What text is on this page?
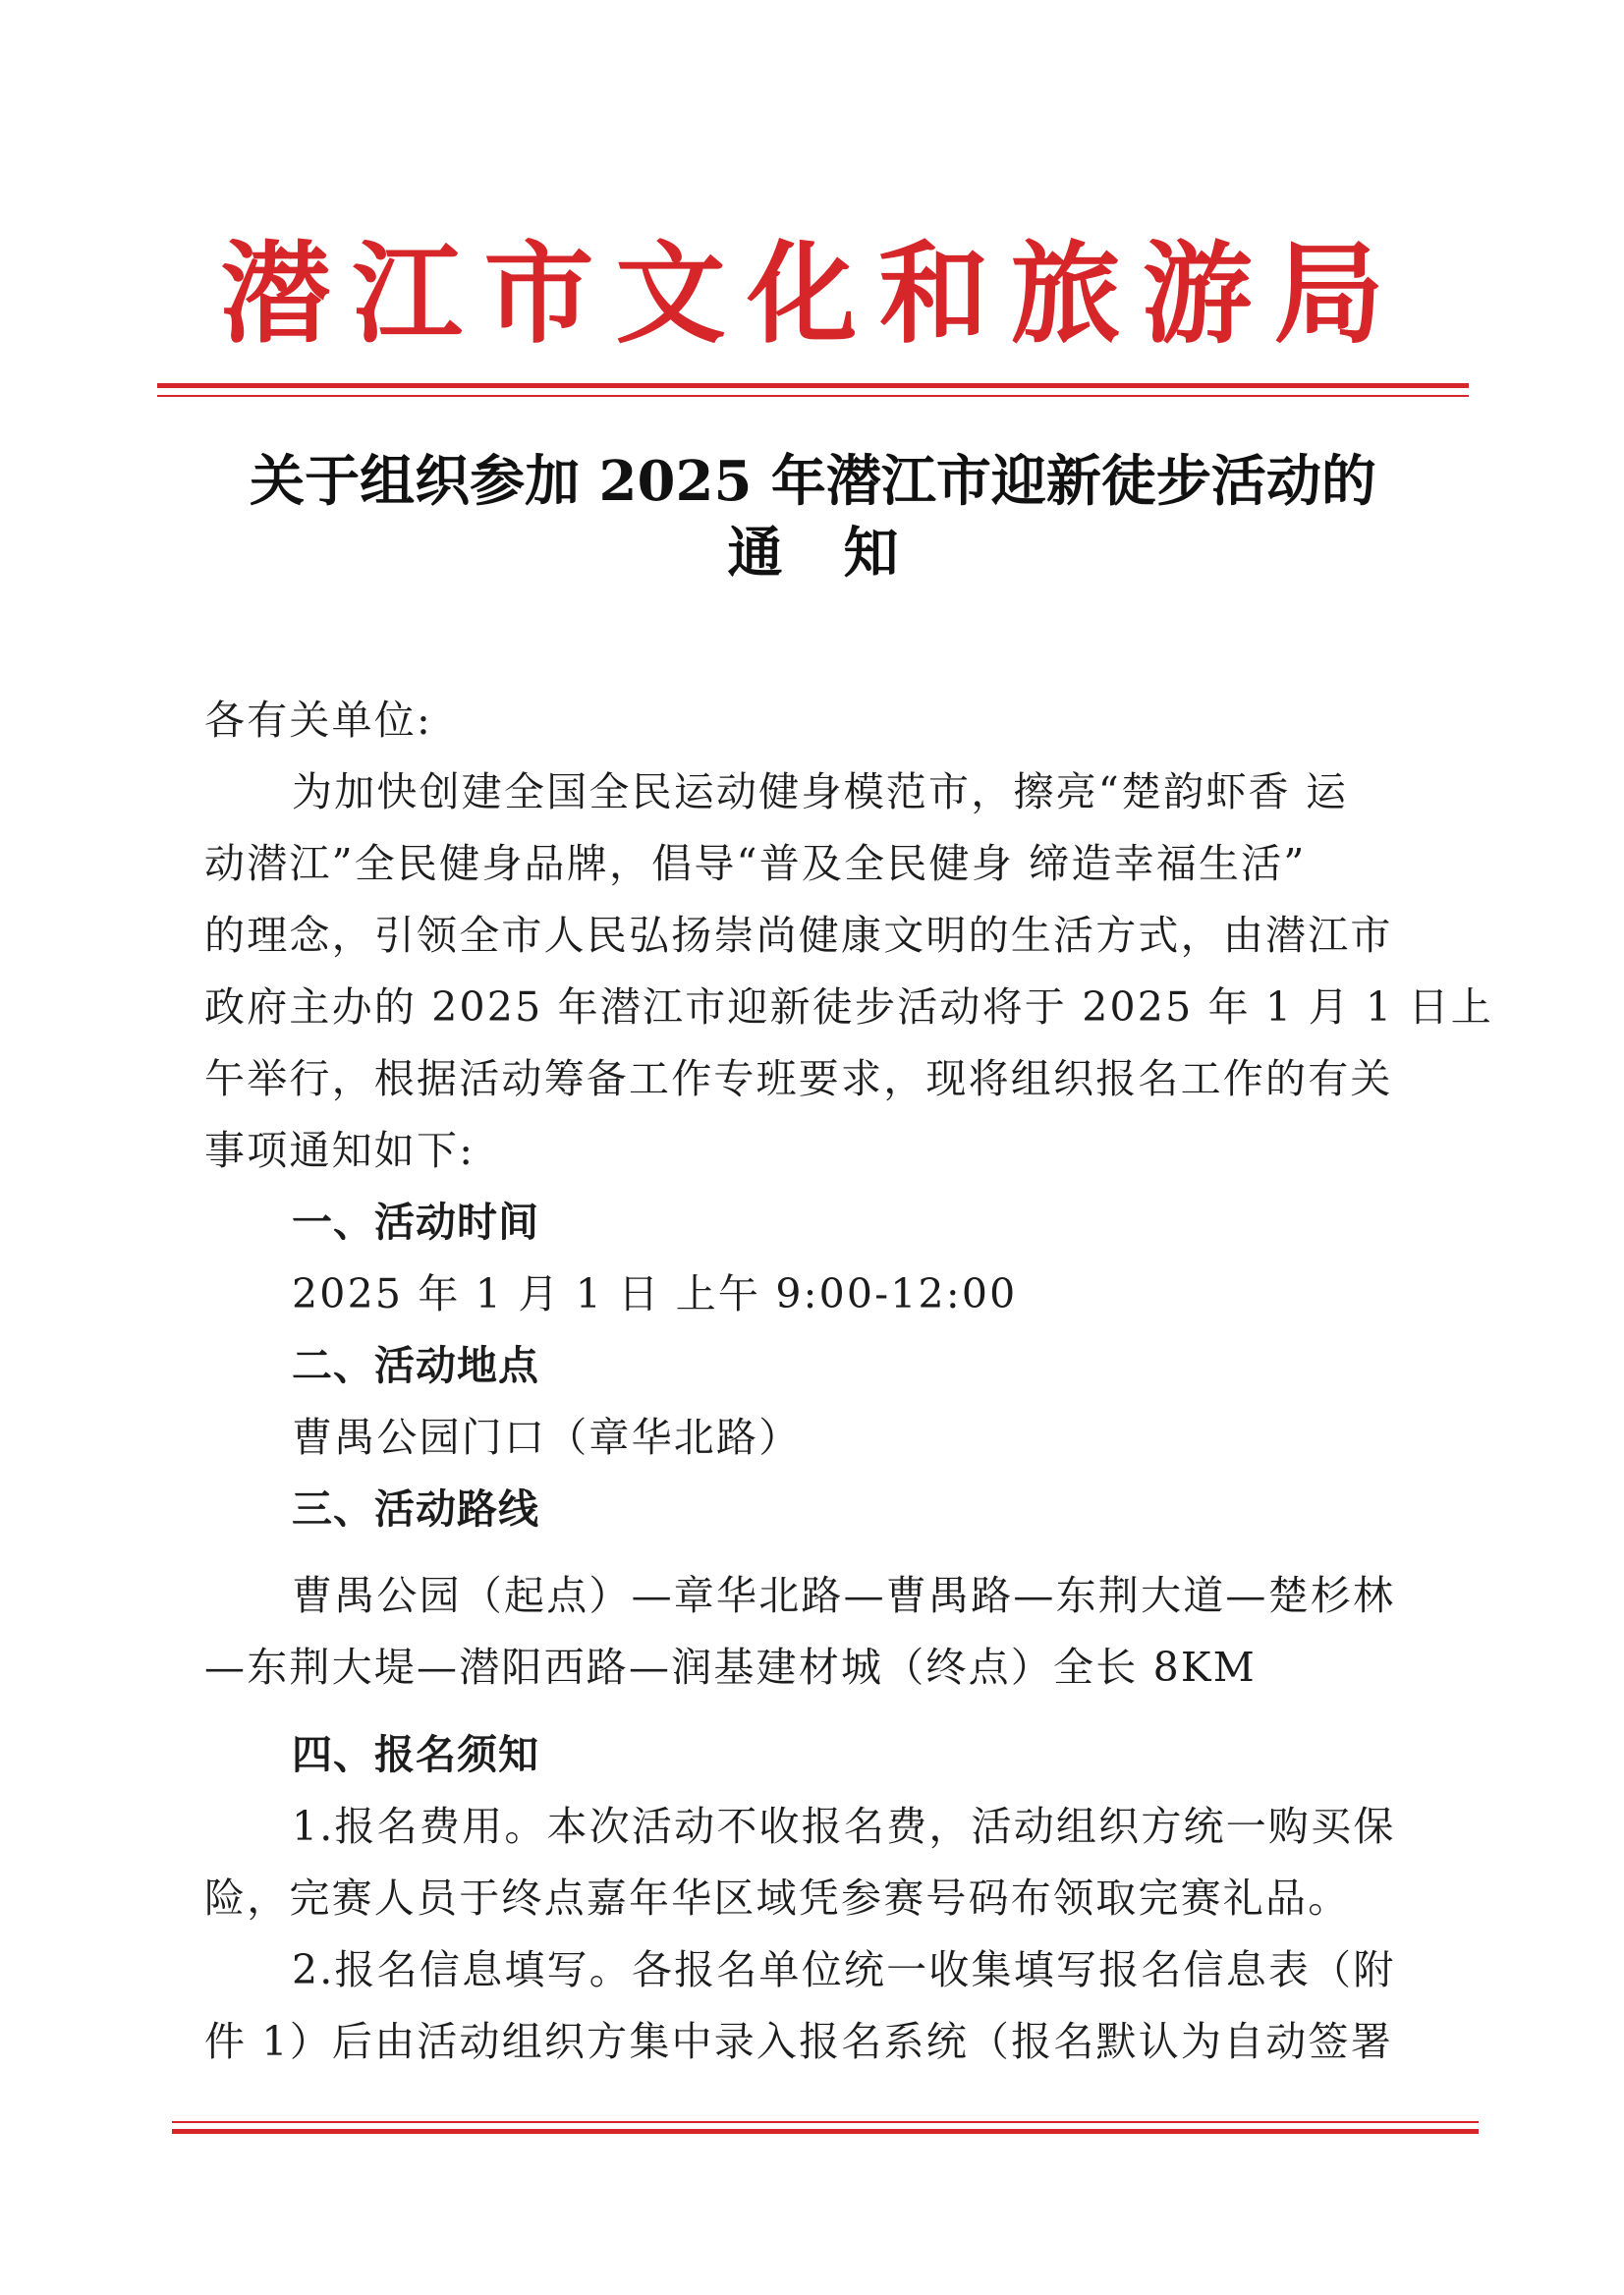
潜江市文化和旅游局
关于组织参加 2025 年潜江市迎新徒步活动的
通知
各有关单位:
为加快创建全国全民运动健身模范市，擦亮“楚韵虾香 运
动潜江”全民健身品牌，倡导“普及全民健身 缔造幸福生活”
的理念，引领全市人民弘扬崇尚健康文明的生活方式，由潜江市
政府主办的 2025 年潜江市迎新徒步活动将于 2025 年 1 月 1 日上
午举行，根据活动筹备工作专班要求，现将组织报名工作的有关
事项通知如下:
一、活动时间
2025 年 1 月 1 日 上午 9:00-12:00
二、活动地点
曹禺公园门口（章华北路）
三、活动路线
曹禺公园（起点）—章华北路—曹禺路—东荆大道—楚杉林
—东荆大堤—潜阳西路—润基建材城（终点）全长 8KM
四、报名须知
1.报名费用。本次活动不收报名费，活动组织方统一购买保
险，完赛人员于终点嘉年华区域凭参赛号码布领取完赛礼品。
2.报名信息填写。各报名单位统一收集填写报名信息表（附
件 1）后由活动组织方集中录入报名系统（报名默认为自动签署
